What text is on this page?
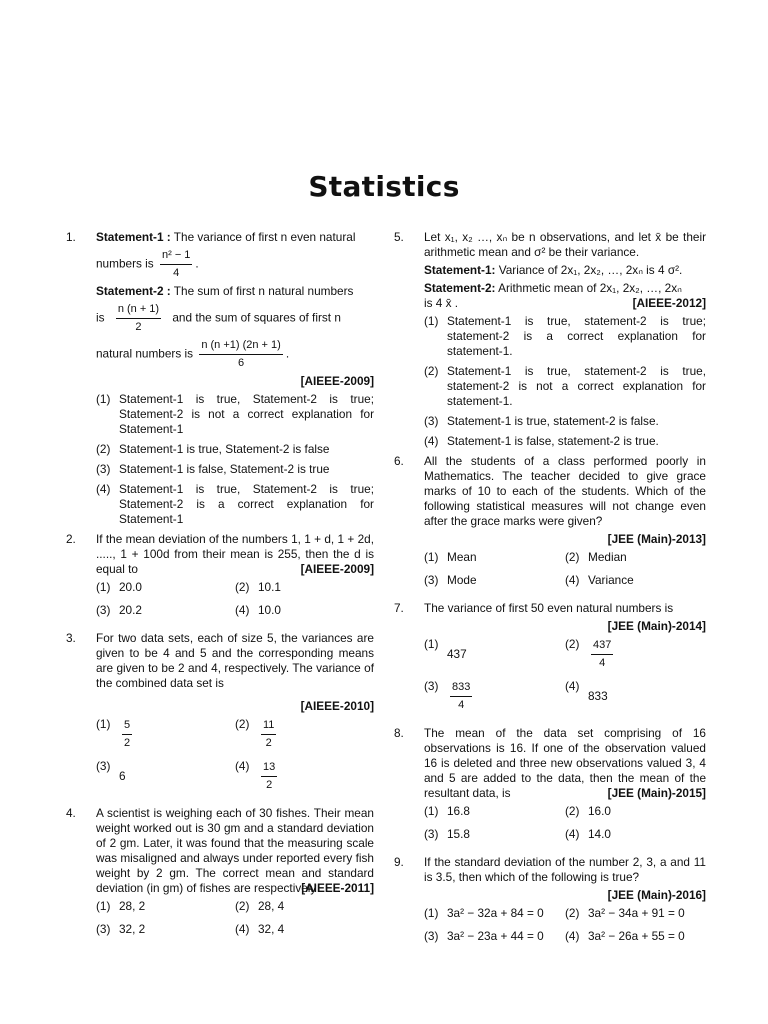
Statistics
1. Statement-1 : The variance of first n even natural
numbers is $\frac{\text{n² − 1}}{4}$ .
Statement-2 : The sum of first n natural numbers
is $\frac{n (n + 1)}{2}$ and the sum of squares of first n
natural numbers is $\frac{n (n +1) (2n + 1)}{6}$ .
[AIEEE-2009]
(1) Statement-1 is true, Statement-2 is true; Statement-2 is not a correct explanation for Statement-1
(2) Statement-1 is true, Statement-2 is false
(3) Statement-1 is false, Statement-2 is true
(4) Statement-1 is true, Statement-2 is true; Statement-2 is a correct explanation for Statement-1
2. If the mean deviation of the numbers 1, 1 + d, 1 + 2d, ....., 1 + 100d from their mean is 255, then the d is equal to	[AIEEE-2009]
(1) 20.0	(2) 10.1
(3) 20.2	(4) 10.0
3. For two data sets, each of size 5, the variances are given to be 4 and 5 and the corresponding means are given to be 2 and 4, respectively. The variance of the combined data set is
[AIEEE-2010]
$(1) \frac{5}{2}$	$(2) \frac{11}{2}$
(3)
6
$(4) \frac{13}{2}$
4. A scientist is weighing each of 30 fishes. Their mean weight worked out is 30 gm and a standard deviation of 2 gm. Later, it was found that the measuring scale was misaligned and always under reported every fish weight by 2 gm. The correct mean and standard deviation (in gm) of fishes are respectively
[AIEEE-2011]
(1) 28, 2	(2) 28, 4
(3) 32, 2	(4) 32, 4
5. Let x₁, x₂ …, xₙ be n observations, and let x̄ be their arithmetic mean and σ² be their variance.
Statement-1: Variance of 2x₁, 2x₂, …, 2xₙ is 4 σ².
Statement-2: Arithmetic mean of 2x₁, 2x₂, …, 2xₙ
is 4 x̄ .	[AIEEE-2012]
(1) Statement-1 is true, statement-2 is true; statement-2 is a correct explanation for statement-1.
(2) Statement-1 is true, statement-2 is true, statement-2 is not a correct explanation for statement-1.
(3) Statement-1 is true, statement-2 is false.
(4) Statement-1 is false, statement-2 is true.
6. All the students of a class performed poorly in Mathematics. The teacher decided to give grace marks of 10 to each of the students. Which of the following statistical measures will not change even after the grace marks were given?
[JEE (Main)-2013]
(1) Mean	(2) Median
(3) Mode	(4) Variance
7. The variance of first 50 even natural numbers is
[JEE (Main)-2014]
(1)
437
$(2) \frac{437}{4}$
$(3) \frac{833}{4}$	(4)
833
8. The mean of the data set comprising of 16 observations is 16. If one of the observation valued 16 is deleted and three new observations valued 3, 4 and 5 are added to the data, then the mean of the resultant data, is	[JEE (Main)-2015]
(1) 16.8	(2) 16.0
(3) 15.8	(4) 14.0
9. If the standard deviation of the number 2, 3, a and 11 is 3.5, then which of the following is true?
[JEE (Main)-2016]
(1) 3a² − 32a + 84 = 0	(2) 3a² − 34a + 91 = 0
(3) 3a² − 23a + 44 = 0	(4) 3a² − 26a + 55 = 0
